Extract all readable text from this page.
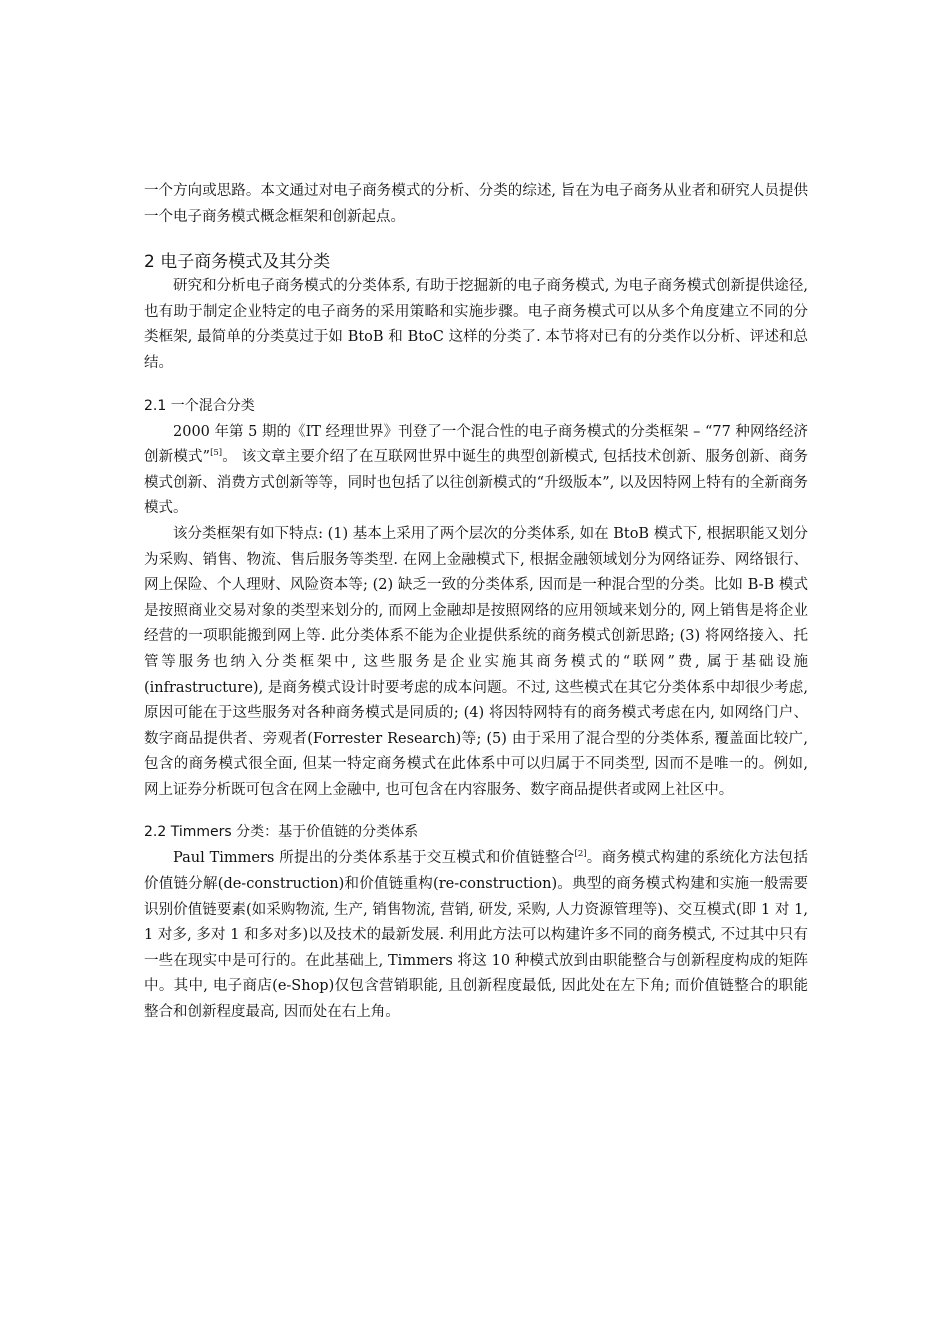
一个方向或思路。本文通过对电子商务模式的分析、分类的综述, 旨在为电子商务从业者和研究人员提供一个电子商务模式概念框架和创新起点。

2 电子商务模式及其分类

研究和分析电子商务模式的分类体系, 有助于挖掘新的电子商务模式, 为电子商务模式创新提供途径, 也有助于制定企业特定的电子商务的采用策略和实施步骤。电子商务模式可以从多个角度建立不同的分类框架, 最简单的分类莫过于如 BtoB 和 BtoC 这样的分类了. 本节将对已有的分类作以分析、评述和总结。

2.1 一个混合分类

2000 年第 5 期的《IT 经理世界》刊登了一个混合性的电子商务模式的分类框架 – “77 种网络经济创新模式”[5]。 该文章主要介绍了在互联网世界中诞生的典型创新模式, 包括技术创新、服务创新、商务模式创新、消费方式创新等等，同时也包括了以往创新模式的“升级版本”, 以及因特网上特有的全新商务模式。

该分类框架有如下特点: (1) 基本上采用了两个层次的分类体系, 如在 BtoB 模式下, 根据职能又划分为采购、销售、物流、售后服务等类型. 在网上金融模式下, 根据金融领域划分为网络证券、网络银行、网上保险、个人理财、风险资本等; (2) 缺乏一致的分类体系, 因而是一种混合型的分类。比如 B-B 模式是按照商业交易对象的类型来划分的, 而网上金融却是按照网络的应用领域来划分的, 网上销售是将企业经营的一项职能搬到网上等. 此分类体系不能为企业提供系统的商务模式创新思路; (3) 将网络接入、托管等服务也纳入分类框架中, 这些服务是企业实施其商务模式的“联网”费, 属于基础设施(infrastructure), 是商务模式设计时要考虑的成本问题。不过, 这些模式在其它分类体系中却很少考虑, 原因可能在于这些服务对各种商务模式是同质的; (4) 将因特网特有的商务模式考虑在内, 如网络门户、数字商品提供者、旁观者(Forrester Research)等; (5) 由于采用了混合型的分类体系, 覆盖面比较广, 包含的商务模式很全面, 但某一特定商务模式在此体系中可以归属于不同类型, 因而不是唯一的。例如, 网上证券分析既可包含在网上金融中, 也可包含在内容服务、数字商品提供者或网上社区中。

2.2 Timmers 分类：基于价值链的分类体系

Paul Timmers 所提出的分类体系基于交互模式和价值链整合[2]。商务模式构建的系统化方法包括价值链分解(de-construction)和价值链重构(re-construction)。典型的商务模式构建和实施一般需要识别价值链要素(如采购物流, 生产, 销售物流, 营销, 研发, 采购, 人力资源管理等)、交互模式(即 1 对 1, 1 对多, 多对 1 和多对多)以及技术的最新发展. 利用此方法可以构建许多不同的商务模式, 不过其中只有一些在现实中是可行的。在此基础上, Timmers 将这 10 种模式放到由职能整合与创新程度构成的矩阵中。其中, 电子商店(e-Shop)仅包含营销职能, 且创新程度最低, 因此处在左下角; 而价值链整合的职能整合和创新程度最高, 因而处在右上角。
